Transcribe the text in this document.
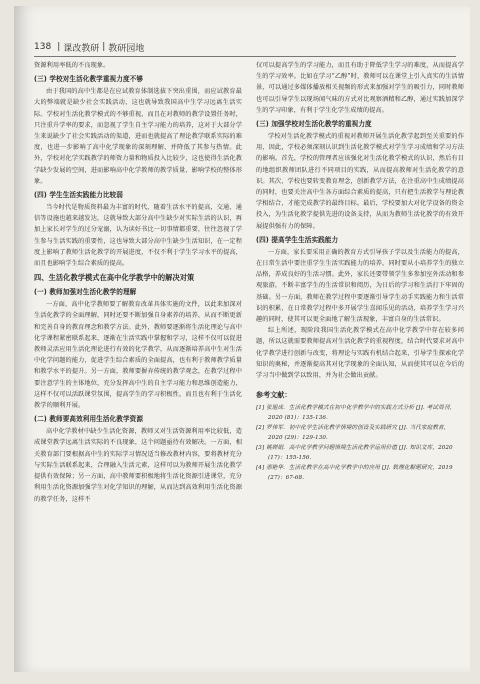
138 | 课改教研 | 教研园地
资源利用率低的不良现象。
(三) 学校对生活化教学重视力度不够
由于我国的高中生都是在应试教育体制选拔下突出重围，而应试教育最大的弊端就是缺少社会实践活动，这也就导致我国高中生学习远离生活实际。学校对生活化教学模式的不够重视，而且在对教师的教学设置任务时，只注重升学率的要求，而忽视了学生自主学习能力的培养，这对于大部分学生来说缺少了社会实践活动的渠道，进而也就提高了理论教学联系实际的难度，也进一步影响了高中化学现象的深刻理解，并降低了其参与热情。此外，学校对化学实践教学的师资力量和物质投入比较少，这也使得生活化教学缺少发展的空间，进而影响高中化学教师的教学质量，影响学校的整体形象。
(四) 学生生活实践能力比较弱
当今时代是物质资料最为丰富的时代，随着生活水平的提高，交通、通信等设施也越来越发达，这就导致大部分高中生缺少对实际生活的认识，再加上家长对学生的过分宠溺，认为读好书比一切事情都重要，往往忽视了学生参与生活实践的重要性，这也导致大部分高中生缺少生活知识，在一定程度上影响了教师生活化教学的开展进度，不仅不利于学生学习水平的提高，而且也影响学生综合素质的提高。
四、生活化教学模式在高中化学教学中的解决对策
(一) 教师加强对生活化教学的理解
一方面，高中化学教师要了解教育改革具体实施的文件，以此来加深对生活化教学的全面理解，同时还要不断加强自身素养的培养，从而不断更新和完善自身的教育理念和教学方法。此外，教师要逐渐将生活化理论与高中化学课程紧密联系起来，逐渐在生活实践中掌握和学习，这样不仅可以促进教师灵活应用生活化理论进行有效的化学教学，从而逐渐培养高中生对生活中化学问题的能力，促进学生综合素质的全面提高，也有利于教师教学质量和教学水平的提升。另一方面，教师要摒弃传统的教学观念，在教学过程中要注意学生的主体地位，充分发挥高中生的自主学习能力和思维创造能力，这样不仅可以活跃课堂氛围，提高学生的学习积极性，而且也有利于生活化教学的顺利开展。
(二) 教师要高效利用生活化教学资源
高中化学教材中缺少生活化资源，教师又对生活资源利用率比较低，造成课堂教学远离生活实际的不良现象，这个问题亟待有效解决。一方面，相关教育部门要根据高中生的实际学习情况适当修改教材内容，要将教材充分与实际生活联系起来，合理融入生活元素，这样可以为教师开展生活化教学提供有效保障；另一方面，高中教师要积极地将生活化资源引进课堂，充分利用生活化资源加强学生对化学知识的理解，从而达到高效利用生活化资源的教学任务，这样不
仅可以提高学生的学习能力，而且有助于降低学生学习的难度，从而提高学生的学习效率。比如在学习“乙醇”时，教师可以在课堂上引入真实的生活情景，可以通过多媒体播放相关视频的形式来加强对学生的吸引力，同时教师也可以引导学生以现场闻气味的方式对比观察酒精和乙醇，通过实践加深学生的学习印象，有利于学生化学生成绩的提高。
(三) 加强学校对生活化教学的重视力度
学校对生活化教学模式的重视对教师开展生活化教学起到至关重要的作用，因此，学校必须深刻认识到生活化教学模式对学生学习成绩和学习方法的影响。首先，学校的管理者应该强化对生活化教学模式的认识，然后有目的地组织教师团队进行不同项目的实践，从而提高教师对生活化教学的意识。其次，学校也要转变教育理念，创新教学方法，在注重高中生成绩提高的同时，也要关注高中生各方面综合素质的提高，只有把生活教学与理论教学相结合，才能完成教学的最终目标。最后，学校要加大对化学设备的资金投入，为生活化教学提供先进的设备支持，从而为教师生活化教学的有效开展提供强有力的保障。
(四) 提高学生生活实践能力
一方面，家长要采用正确的教育方式引导孩子学以及生活能力的提高，在日常生活中要注重学生生活实践能力的培养，同时要从小培养学生的独立品格，养成良好的生活习惯。此外，家长还要带领学生多参加室外活动和参观旅游，不断丰富学生的生活常识和阅历，为日后的学习和生活打下牢固的基础。另一方面，教师在教学过程中要逐渐引导学生动手实践能力和生活常识的积累，在日常教学过程中多开展学生喜闻乐见的活动，培养学生学习兴趣的同时，使其可以更全面地了解生活现象，丰富自身的生活常识。
综上所述，现阶段我国生活化教学模式在高中化学教学中存在较多问题，所以这就需要教师提高对生活化教学的重视程度，结合时代要求对高中化学教学进行创新与改变，将理论与实践有机结合起来，引导学生探索化学知识的奥秘，并逐渐提高其对化学现象的全面认知，从而使其可以在今后的学习当中做到学以致用，并为社会做出贡献。
参考文献：
[1] 张旭成．生活化教学模式在初中化学教学中的实践方式分析 [J]. 考试周刊，2020 (81)：135-136.
[2] 罗伟军．初中化学生活化教学情境的创设及实践研究 [J]. 当代家庭教育，2020 (29)：129-130.
[3] 姚婵娟．高中化学教学问题情境生活化教学运用价值 [J]. 知识文库，2020 (17)：155-156.
[4] 邢艳华．生活化教学在高中化学教学中的应用 [J]. 数理化解题研究，2019 (27)：67-68.
